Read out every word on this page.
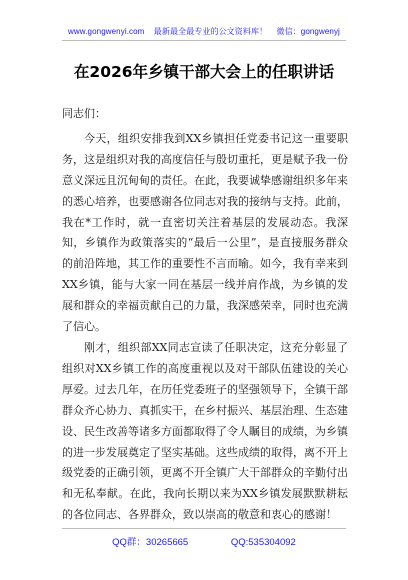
www.gongwenyi.com 最新最全最专业的公文资料库！ 微信：gongwenyj
在2026年乡镇干部大会上的任职讲话

同志们：

今天，组织安排我到XX乡镇担任党委书记这一重要职务，这是组织对我的高度信任与殷切重托，更是赋予我一份意义深远且沉甸甸的责任。在此，我要诚挚感谢组织多年来的悉心培养，也要感谢各位同志对我的接纳与支持。此前，我在*工作时，就一直密切关注着基层的发展动态。我深知，乡镇作为政策落实的“最后一公里”，是直接服务群众的前沿阵地，其工作的重要性不言而喻。如今，我有幸来到XX乡镇，能与大家一同在基层一线并肩作战，为乡镇的发展和群众的幸福贡献自己的力量，我深感荣幸，同时也充满了信心。

刚才，组织部XX同志宣读了任职决定，这充分彰显了组织对XX乡镇工作的高度重视以及对干部队伍建设的关心厚爱。过去几年，在历任党委班子的坚强领导下，全镇干部群众齐心协力、真抓实干，在乡村振兴、基层治理、生态建设、民生改善等诸多方面都取得了令人瞩目的成绩，为乡镇的进一步发展奠定了坚实基础。这些成绩的取得，离不开上级党委的正确引领，更离不开全镇广大干部群众的辛勤付出和无私奉献。在此，我向长期以来为XX乡镇发展默默耕耘的各位同志、各界群众，致以崇高的敬意和衷心的感谢！

QQ群：30265665	QQ:535304092
